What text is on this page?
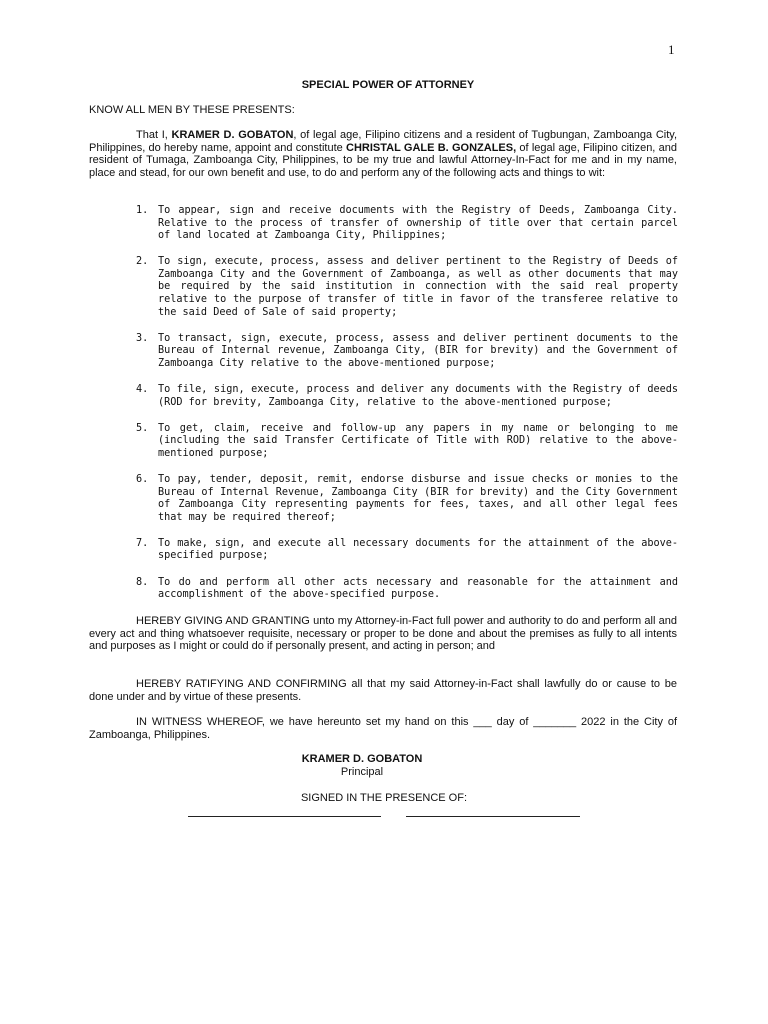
1
SPECIAL POWER OF ATTORNEY
KNOW ALL MEN BY THESE PRESENTS:

That I, KRAMER D. GOBATON, of legal age, Filipino citizens and a resident of Tugbungan, Zamboanga City, Philippines, do hereby name, appoint and constitute CHRISTAL GALE B. GONZALES, of legal age, Filipino citizen, and resident of Tumaga, Zamboanga City, Philippines, to be my true and lawful Attorney-In-Fact for me and in my name, place and stead, for our own benefit and use, to do and perform any of the following acts and things to wit:

1. To appear, sign and receive documents with the Registry of Deeds, Zamboanga City. Relative to the process of transfer of ownership of title over that certain parcel of land located at Zamboanga City, Philippines;
2. To sign, execute, process, assess and deliver pertinent to the Registry of Deeds of Zamboanga City and the Government of Zamboanga, as well as other documents that may be required by the said institution in connection with the said real property relative to the purpose of transfer of title in favor of the transferee relative to the said Deed of Sale of said property;
3. To transact, sign, execute, process, assess and deliver pertinent documents to the Bureau of Internal revenue, Zamboanga City, (BIR for brevity) and the Government of Zamboanga City relative to the above-mentioned purpose;
4. To file, sign, execute, process and deliver any documents with the Registry of deeds (ROD for brevity, Zamboanga City, relative to the above-mentioned purpose;
5. To get, claim, receive and follow-up any papers in my name or belonging to me (including the said Transfer Certificate of Title with ROD) relative to the above-mentioned purpose;
6. To pay, tender, deposit, remit, endorse disburse and issue checks or monies to the Bureau of Internal Revenue, Zamboanga City (BIR for brevity) and the City Government of Zamboanga City representing payments for fees, taxes, and all other legal fees that may be required thereof;
7. To make, sign, and execute all necessary documents for the attainment of the above-specified purpose;
8. To do and perform all other acts necessary and reasonable for the attainment and accomplishment of the above-specified purpose.

HEREBY GIVING AND GRANTING unto my Attorney-in-Fact full power and authority to do and perform all and every act and thing whatsoever requisite, necessary or proper to be done and about the premises as fully to all intents and purposes as I might or could do if personally present, and acting in person; and

HEREBY RATIFYING AND CONFIRMING all that my said Attorney-in-Fact shall lawfully do or cause to be done under and by virtue of these presents.

IN WITNESS WHEREOF, we have hereunto set my hand on this ___ day of _______ 2022 in the City of Zamboanga, Philippines.

KRAMER D. GOBATON
Principal
SIGNED IN THE PRESENCE OF:
